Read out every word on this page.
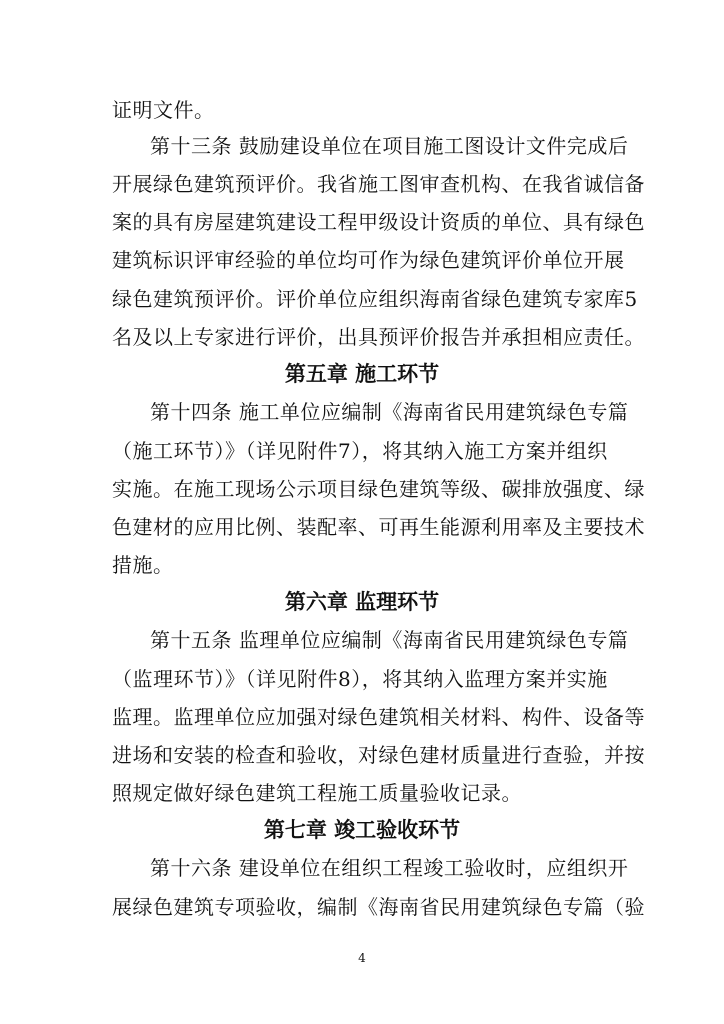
证明文件。
第十三条 鼓励建设单位在项目施工图设计文件完成后
开展绿色建筑预评价。我省施工图审查机构、在我省诚信备
案的具有房屋建筑建设工程甲级设计资质的单位、具有绿色
建筑标识评审经验的单位均可作为绿色建筑评价单位开展
绿色建筑预评价。评价单位应组织海南省绿色建筑专家库5
名及以上专家进行评价，出具预评价报告并承担相应责任。
第五章 施工环节
第十四条 施工单位应编制《海南省民用建筑绿色专篇
（施工环节）》（详见附件7），将其纳入施工方案并组织
实施。在施工现场公示项目绿色建筑等级、碳排放强度、绿
色建材的应用比例、装配率、可再生能源利用率及主要技术
措施。
第六章 监理环节
第十五条 监理单位应编制《海南省民用建筑绿色专篇
（监理环节）》（详见附件8），将其纳入监理方案并实施
监理。监理单位应加强对绿色建筑相关材料、构件、设备等
进场和安装的检查和验收，对绿色建材质量进行查验，并按
照规定做好绿色建筑工程施工质量验收记录。
第七章 竣工验收环节
第十六条 建设单位在组织工程竣工验收时，应组织开
展绿色建筑专项验收，编制《海南省民用建筑绿色专篇（验
4
